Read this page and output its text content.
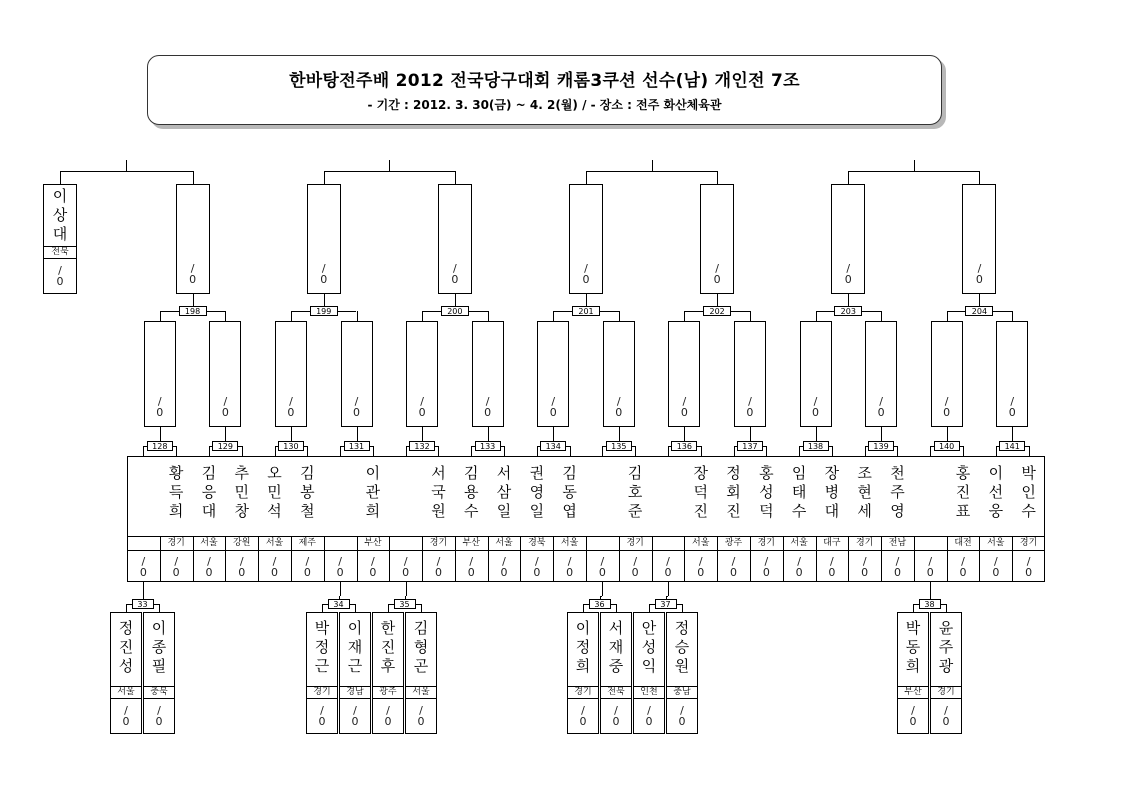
한바탕전주배 2012 전국당구대회 캐롬3쿠션 선수(남) 개인전 7조
- 기간 : 2012. 3. 30(금) ~ 4. 2(월) / - 장소 : 전주 화산체육관
이
상
대
전북
/
0
/
0
황
득
희
경기
/
0
김
응
대
서울
/
0
추
민
창
강원
/
0
오
민
석
서울
/
0
김
봉
철
제주
/
0
/
0
이
관
희
부산
/
0
/
0
서
국
원
경기
/
0
김
용
수
부산
/
0
서
삼
일
서울
/
0
권
영
일
경북
/
0
김
동
엽
서울
/
0
/
0
김
호
준
경기
/
0
/
0
장
덕
진
서울
/
0
정
회
진
광주
/
0
홍
성
덕
경기
/
0
임
태
수
서울
/
0
장
병
대
대구
/
0
조
현
세
경기
/
0
천
주
영
전남
/
0
/
0
홍
진
표
대전
/
0
이
선
웅
서울
/
0
박
인
수
경기
/
0
128
/
0
129
/
0
130
/
0
131
/
0
132
/
0
133
/
0
134
/
0
135
/
0
136
/
0
137
/
0
138
/
0
139
/
0
140
/
0
141
/
0
198
/
0
199
/
0
200
/
0
201
/
0
202
/
0
203
/
0
204
/
0
33
정
진
성
서울
/
0
이
종
필
충북
/
0
34
박
정
근
경기
/
0
이
재
근
경남
/
0
35
한
진
후
광주
/
0
김
형
곤
서울
/
0
36
이
정
희
경기
/
0
서
재
중
전북
/
0
37
안
성
익
인천
/
0
정
승
원
충남
/
0
38
박
동
희
부산
/
0
윤
주
광
경기
/
0
